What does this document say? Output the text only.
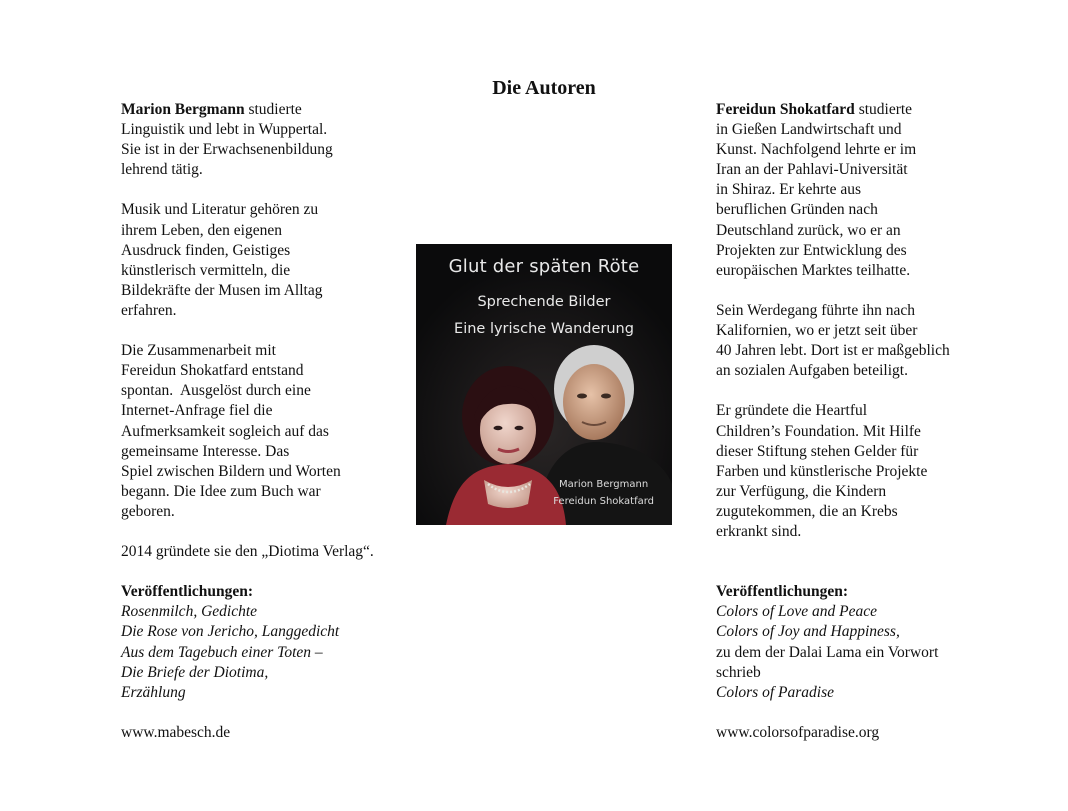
Die Autoren
Marion Bergmann studierte
Linguistik und lebt in Wuppertal.
Sie ist in der Erwachsenenbildung
lehrend tätig.
Musik und Literatur gehören zu
ihrem Leben, den eigenen
Ausdruck finden, Geistiges
künstlerisch vermitteln, die
Bildekräfte der Musen im Alltag
erfahren.
Die Zusammenarbeit mit
Fereidun Shokatfard entstand
spontan.  Ausgelöst durch eine
Internet-Anfrage fiel die
Aufmerksamkeit sogleich auf das
gemeinsame Interesse. Das
Spiel zwischen Bildern und Worten
begann. Die Idee zum Buch war
geboren.
2014 gründete sie den „Diotima Verlag“.
Veröffentlichungen:
Rosenmilch, Gedichte
Die Rose von Jericho, Langgedicht
Aus dem Tagebuch einer Toten –
Die Briefe der Diotima,
Erzählung
www.mabesch.de
Glut der späten Röte
Sprechende Bilder
Eine lyrische Wanderung
Marion Bergmann
Fereidun Shokatfard
Fereidun Shokatfard studierte
in Gießen Landwirtschaft und
Kunst. Nachfolgend lehrte er im
Iran an der Pahlavi-Universität
in Shiraz. Er kehrte aus
beruflichen Gründen nach
Deutschland zurück, wo er an
Projekten zur Entwicklung des
europäischen Marktes teilhatte.
Sein Werdegang führte ihn nach
Kalifornien, wo er jetzt seit über
40 Jahren lebt. Dort ist er maßgeblich
an sozialen Aufgaben beteiligt.
Er gründete die Heartful
Children’s Foundation. Mit Hilfe
dieser Stiftung stehen Gelder für
Farben und künstlerische Projekte
zur Verfügung, die Kindern
zugutekommen, die an Krebs
erkrankt sind.
Veröffentlichungen:
Colors of Love and Peace
Colors of Joy and Happiness,
zu dem der Dalai Lama ein Vorwort
schrieb
Colors of Paradise
www.colorsofparadise.org
